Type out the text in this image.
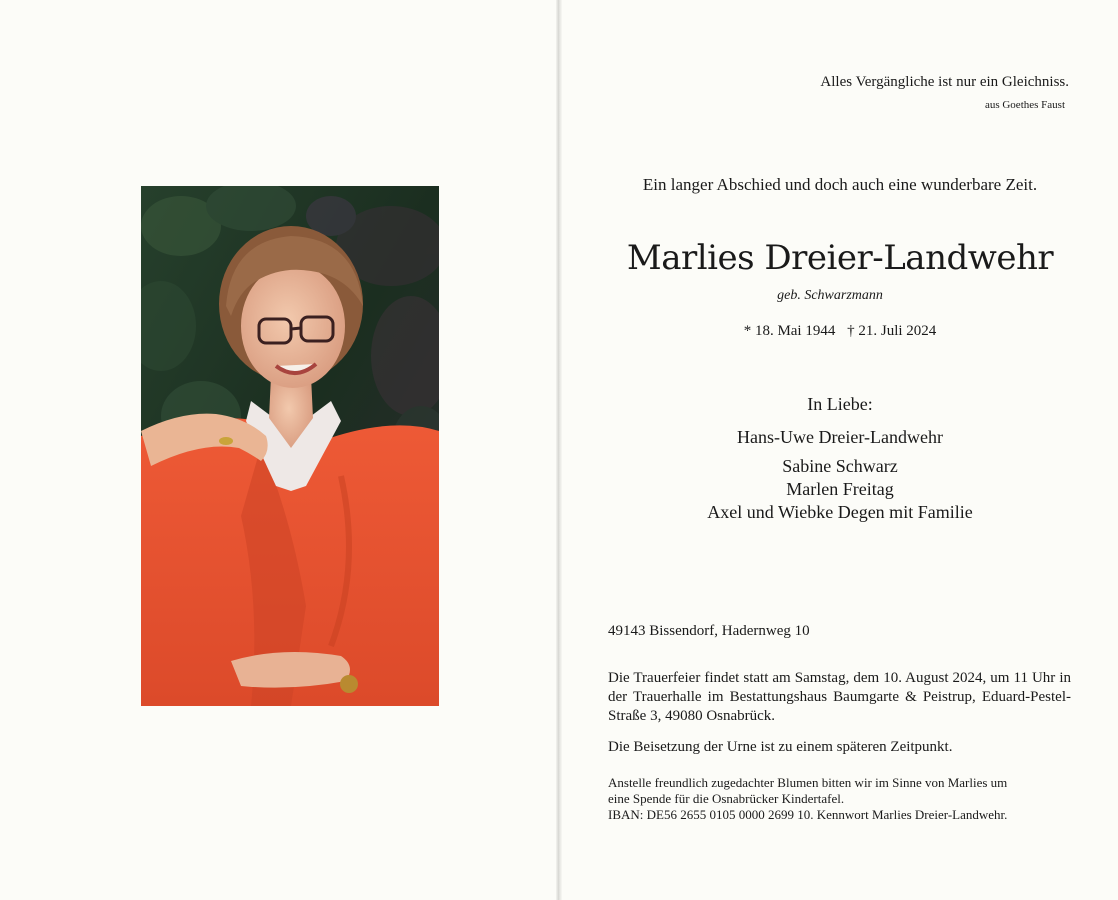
Alles Vergängliche ist nur ein Gleichniss.
aus Goethes Faust
Ein langer Abschied und doch auch eine wunderbare Zeit.
Marlies Dreier-Landwehr
geb. Schwarzmann
* 18. Mai 1944 † 21. Juli 2024
In Liebe:
Hans-Uwe Dreier-Landwehr
Sabine Schwarz
Marlen Freitag
Axel und Wiebke Degen mit Familie
49143 Bissendorf, Hadernweg 10

Die Trauerfeier findet statt am Samstag, dem 10. August 2024, um 11 Uhr in der Trauerhalle im Bestattungshaus Baumgarte & Peistrup, Eduard-Pestel-Straße 3, 49080 Osnabrück.

Die Beisetzung der Urne ist zu einem späteren Zeitpunkt.
Anstelle freundlich zugedachter Blumen bitten wir im Sinne von Marlies um
eine Spende für die Osnabrücker Kindertafel.
IBAN: DE56 2655 0105 0000 2699 10. Kennwort Marlies Dreier-Landwehr.
